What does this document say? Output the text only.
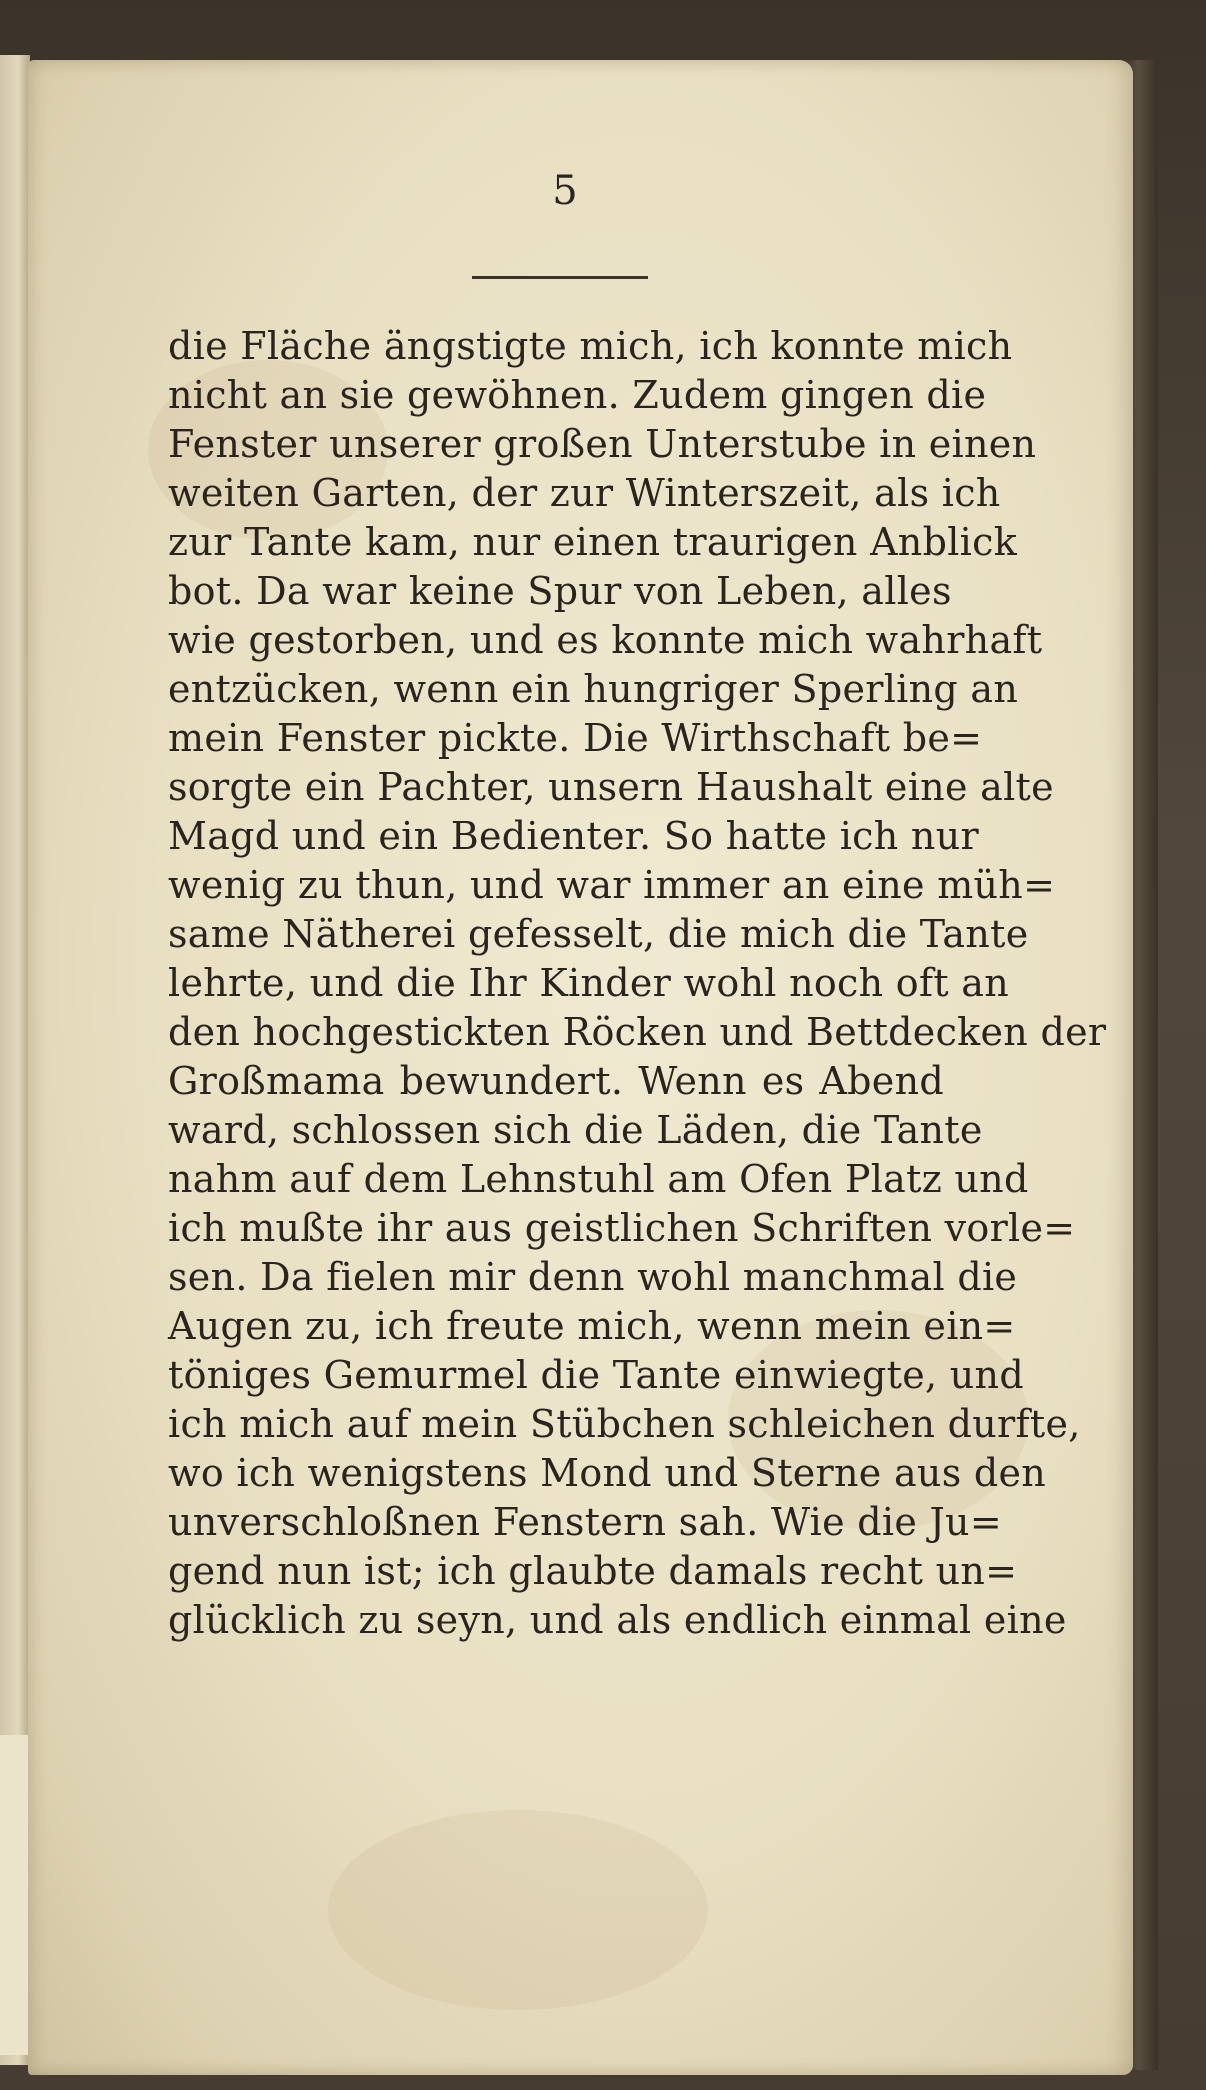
5
die Fläche ängstigte mich, ich konnte mich
nicht an sie gewöhnen. Zudem gingen die
Fenster unserer großen Unterstube in einen
weiten Garten, der zur Winterszeit, als ich
zur Tante kam, nur einen traurigen Anblick
bot. Da war keine Spur von Leben, alles
wie gestorben, und es konnte mich wahrhaft
entzücken, wenn ein hungriger Sperling an
mein Fenster pickte. Die Wirthschaft be=
sorgte ein Pachter, unsern Haushalt eine alte
Magd und ein Bedienter. So hatte ich nur
wenig zu thun, und war immer an eine müh=
same Nätherei gefesselt, die mich die Tante
lehrte, und die Ihr Kinder wohl noch oft an
den hochgestickten Röcken und Bettdecken der
Großmama bewundert. Wenn es Abend
ward, schlossen sich die Läden, die Tante
nahm auf dem Lehnstuhl am Ofen Platz und
ich mußte ihr aus geistlichen Schriften vorle=
sen. Da fielen mir denn wohl manchmal die
Augen zu, ich freute mich, wenn mein ein=
töniges Gemurmel die Tante einwiegte, und
ich mich auf mein Stübchen schleichen durfte,
wo ich wenigstens Mond und Sterne aus den
unverschloßnen Fenstern sah. Wie die Ju=
gend nun ist; ich glaubte damals recht un=
glücklich zu seyn, und als endlich einmal eine
